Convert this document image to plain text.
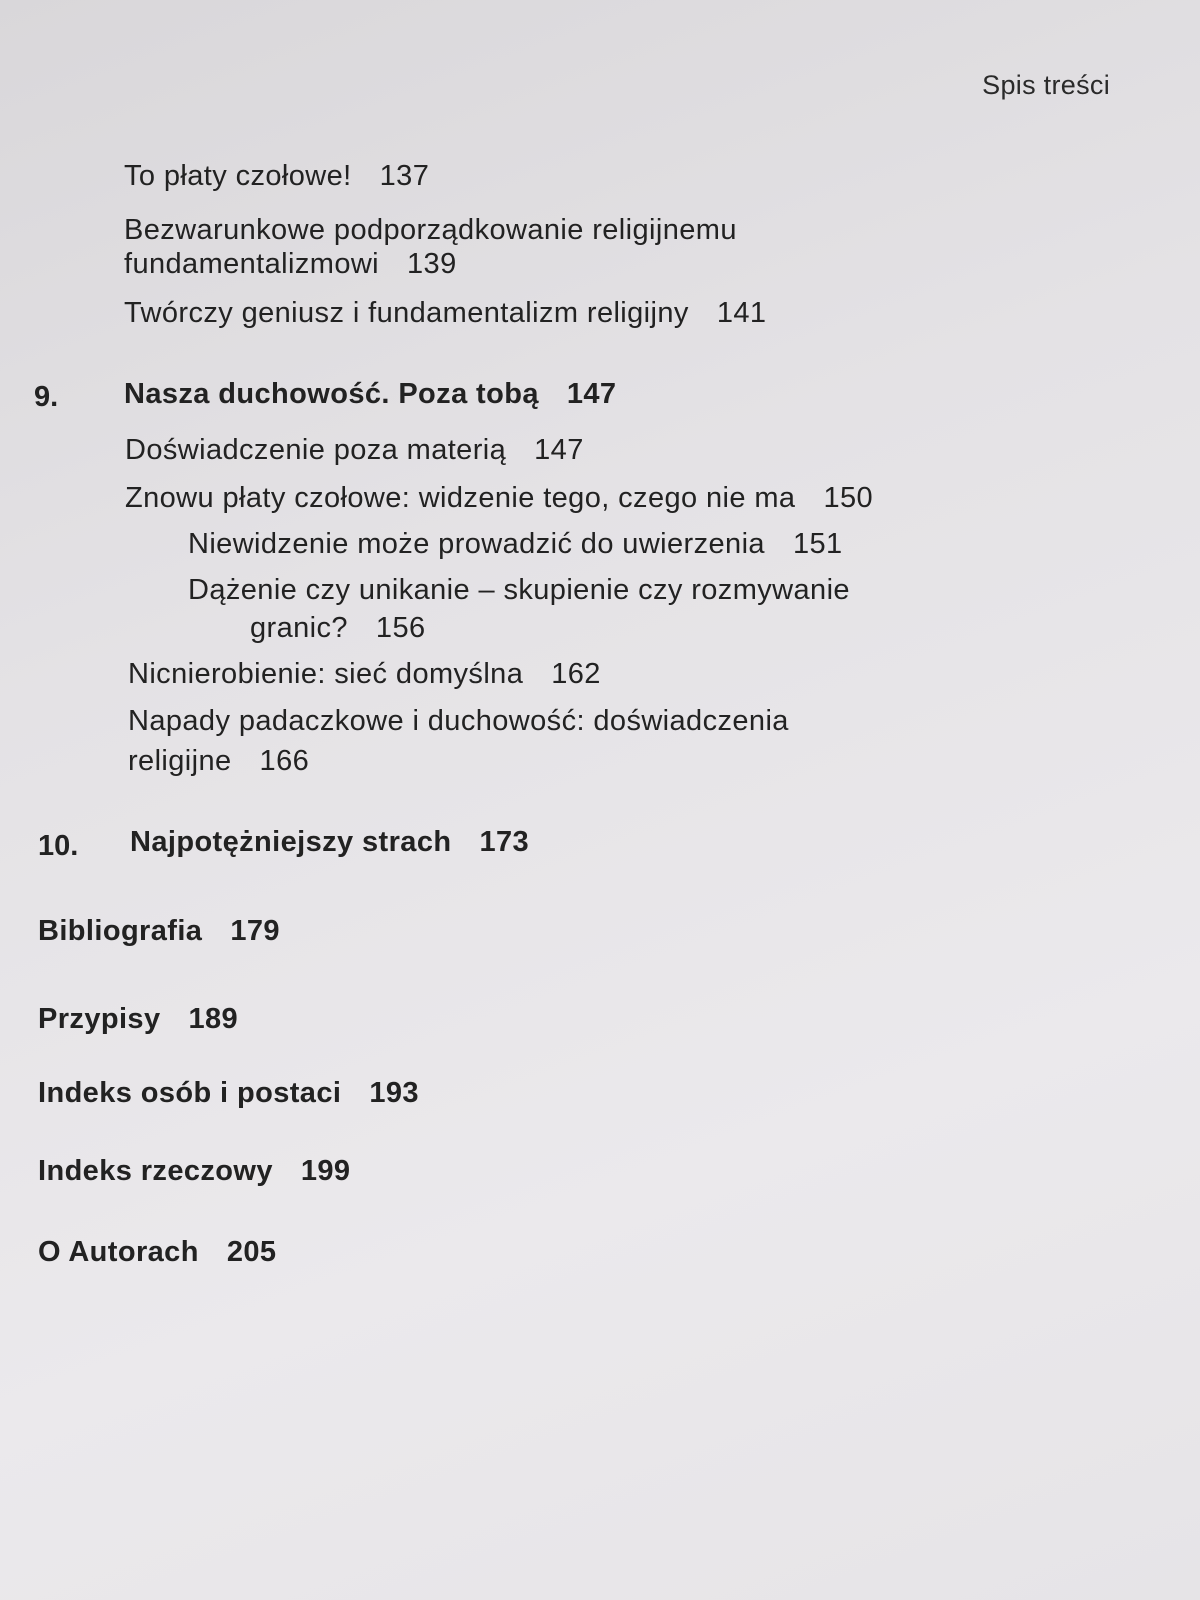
Spis treści
To płaty czołowe! 137
Bezwarunkowe podporządkowanie religijnemu
fundamentalizmowi 139
Twórczy geniusz i fundamentalizm religijny 141
9. Nasza duchowość. Poza tobą 147
Doświadczenie poza materią 147
Znowu płaty czołowe: widzenie tego, czego nie ma 150
Niewidzenie może prowadzić do uwierzenia 151
Dążenie czy unikanie – skupienie czy rozmywanie
granic? 156
Nicnierobienie: sieć domyślna 162
Napady padaczkowe i duchowość: doświadczenia
religijne 166
10. Najpotężniejszy strach 173
Bibliografia 179
Przypisy 189
Indeks osób i postaci 193
Indeks rzeczowy 199
O Autorach 205
